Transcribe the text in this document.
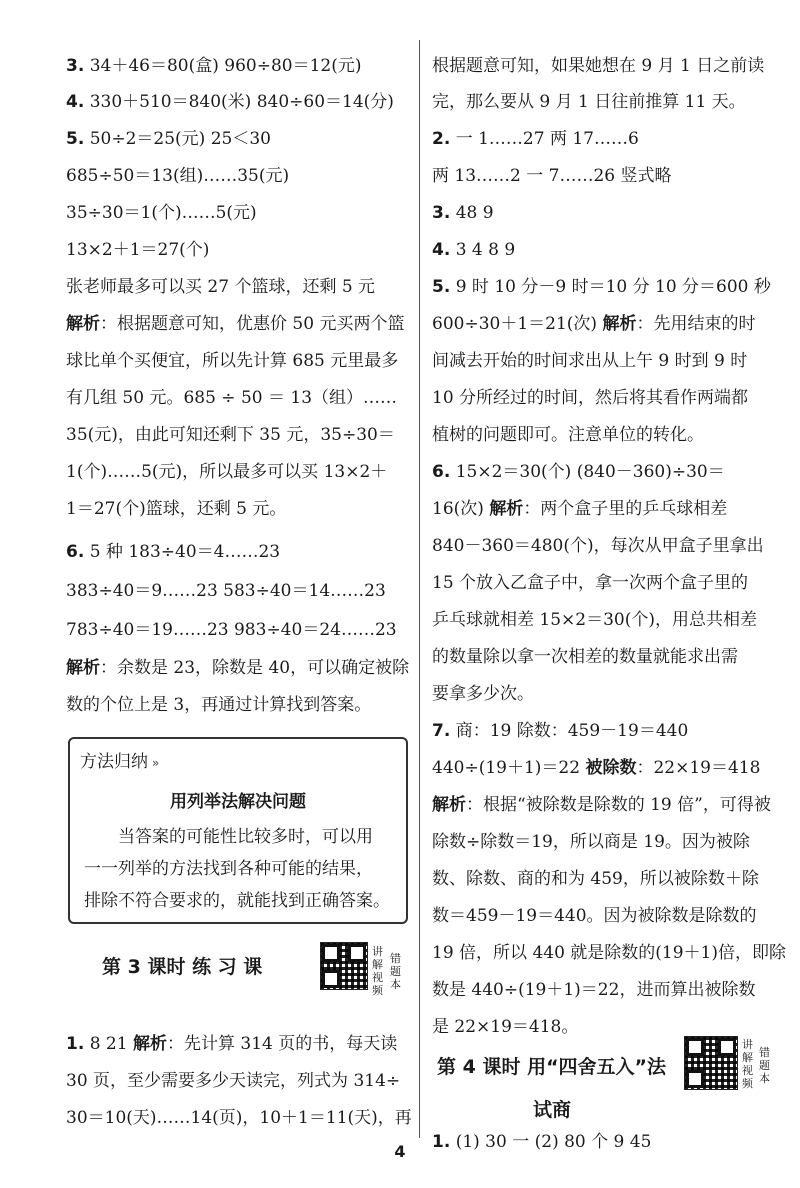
3. 34＋46＝80(盒) 960÷80＝12(元)
4. 330＋510＝840(米) 840÷60＝14(分)
5. 50÷2＝25(元) 25＜30
685÷50＝13(组)……35(元)
35÷30＝1(个)……5(元)
13×2＋1＝27(个)
张老师最多可以买 27 个篮球，还剩 5 元
解析：根据题意可知，优惠价 50 元买两个篮
球比单个买便宜，所以先计算 685 元里最多
有几组 50 元。685 ÷ 50 ＝ 13（组）……
35(元)，由此可知还剩下 35 元，35÷30＝
1(个)……5(元)，所以最多可以买 13×2＋
1＝27(个)篮球，还剩 5 元。
6. 5 种 183÷40＝4……23
383÷40＝9……23 583÷40＝14……23
783÷40＝19……23 983÷40＝24……23
解析：余数是 23，除数是 40，可以确定被除
数的个位上是 3，再通过计算找到答案。
方法归纳 »
用列举法解决问题
当答案的可能性比较多时，可以用
一一列举的方法找到各种可能的结果，
排除不符合要求的，就能找到正确答案。
第 3 课时 练 习 课
讲解视频
错题本
1. 8 21 解析：先计算 314 页的书，每天读
30 页，至少需要多少天读完，列式为 314÷
30＝10(天)……14(页)，10＋1＝11(天)，再
根据题意可知，如果她想在 9 月 1 日之前读
完，那么要从 9 月 1 日往前推算 11 天。
2. 一 1……27 两 17……6
两 13……2 一 7……26 竖式略
3. 48 9
4. 3 4 8 9
5. 9 时 10 分－9 时＝10 分 10 分＝600 秒
600÷30＋1＝21(次) 解析：先用结束的时
间减去开始的时间求出从上午 9 时到 9 时
10 分所经过的时间，然后将其看作两端都
植树的问题即可。注意单位的转化。
6. 15×2＝30(个) (840－360)÷30＝
16(次) 解析：两个盒子里的乒乓球相差
840－360＝480(个)，每次从甲盒子里拿出
15 个放入乙盒子中，拿一次两个盒子里的
乒乓球就相差 15×2＝30(个)，用总共相差
的数量除以拿一次相差的数量就能求出需
要拿多少次。
7. 商：19 除数：459－19＝440
440÷(19＋1)＝22 被除数：22×19＝418
解析：根据“被除数是除数的 19 倍”，可得被
除数÷除数＝19，所以商是 19。因为被除
数、除数、商的和为 459，所以被除数＋除
数＝459－19＝440。因为被除数是除数的
19 倍，所以 440 就是除数的(19＋1)倍，即除
数是 440÷(19＋1)＝22，进而算出被除数
是 22×19＝418。
第 4 课时 用“四舍五入”法
试商
讲解视频
错题本
1. (1) 30 一 (2) 80 个 9 45
4
